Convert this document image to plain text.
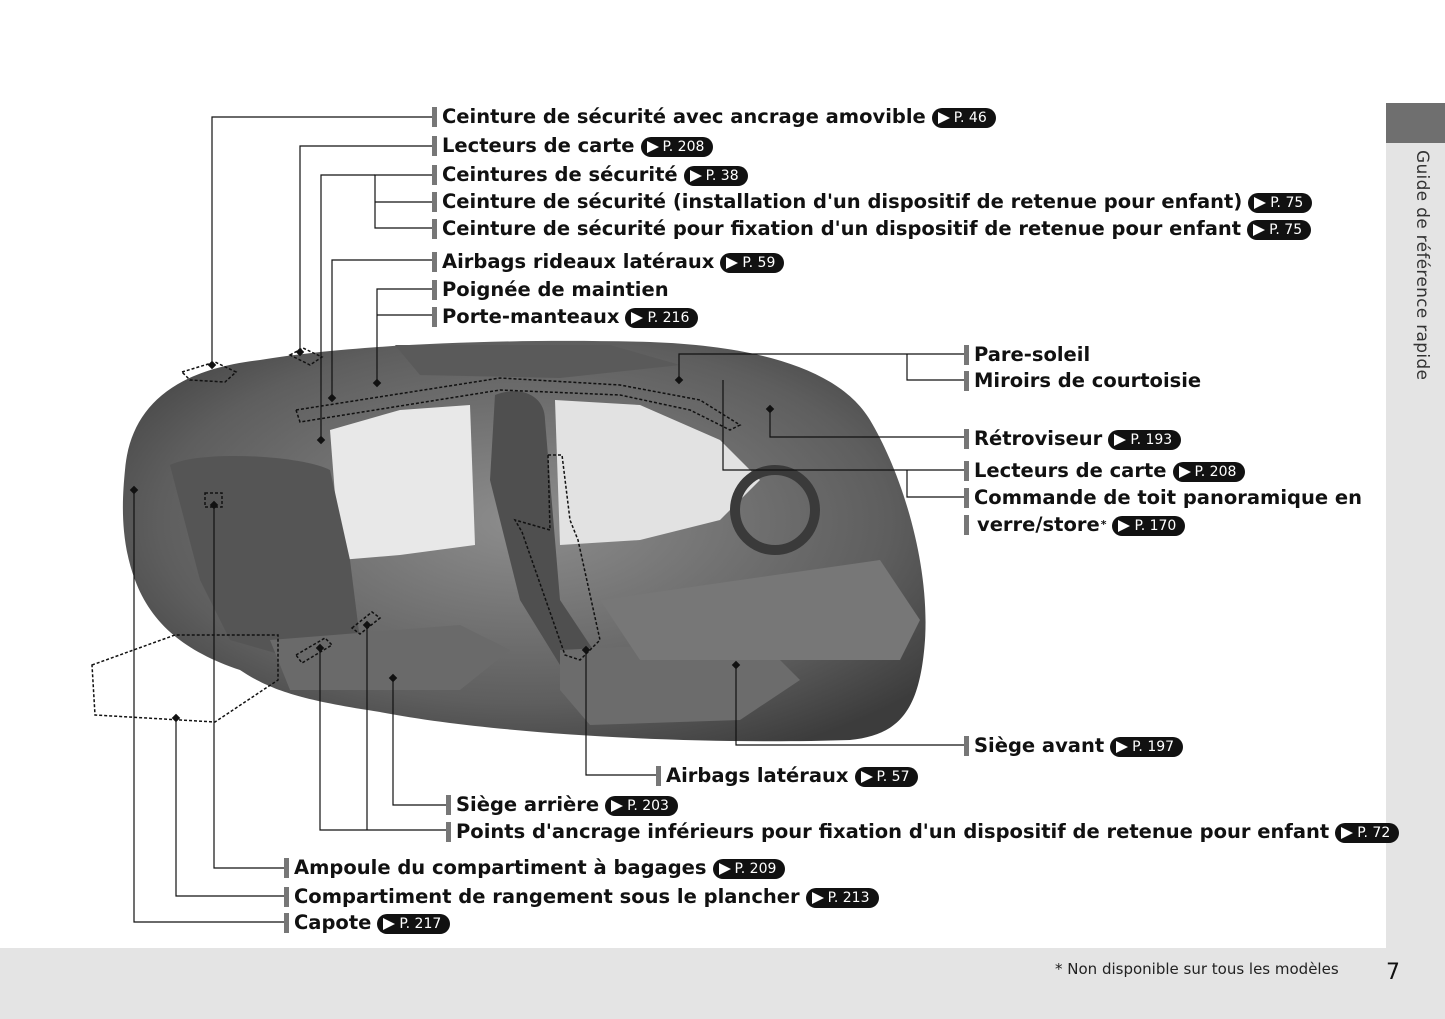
Guide de référence rapide
7
* Non disponible sur tous les modèles
Ceinture de sécurité avec ancrage amovible P. 46
Lecteurs de carte P. 208
Ceintures de sécurité P. 38
Ceinture de sécurité (installation d'un dispositif de retenue pour enfant) P. 75
Ceinture de sécurité pour fixation d'un dispositif de retenue pour enfant P. 75
Airbags rideaux latéraux P. 59
Poignée de maintien
Porte-manteaux P. 216
Pare-soleil
Miroirs de courtoisie
Rétroviseur P. 193
Lecteurs de carte P. 208
Commande de toit panoramique en
verre/store* P. 170
Siège avant P. 197
Airbags latéraux P. 57
Siège arrière P. 203
Points d'ancrage inférieurs pour fixation d'un dispositif de retenue pour enfant P. 72
Ampoule du compartiment à bagages P. 209
Compartiment de rangement sous le plancher P. 213
Capote P. 217
